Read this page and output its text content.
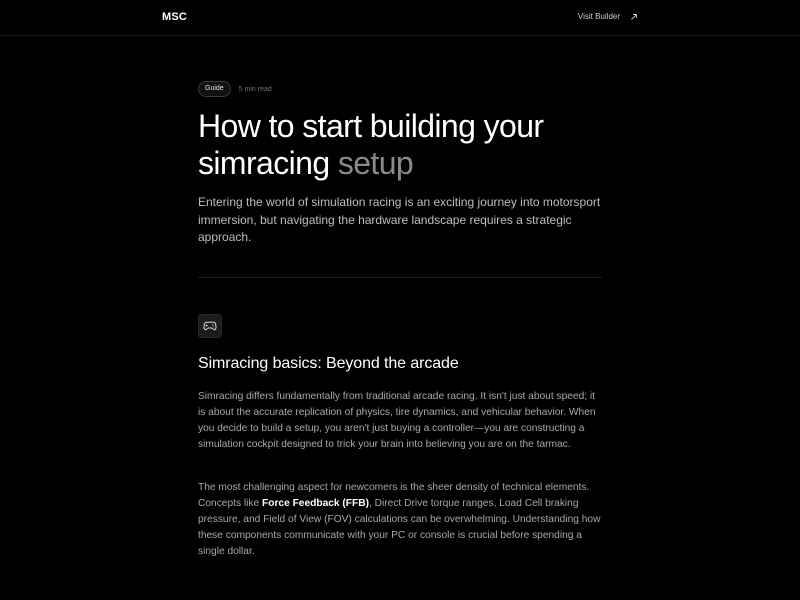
MSC	Visit Builder
Guide	5 min read
How to start building your
simracing setup

Entering the world of simulation racing is an exciting journey into motorsport immersion, but navigating the hardware landscape requires a strategic approach.

Simracing basics: Beyond the arcade

Simracing differs fundamentally from traditional arcade racing. It isn't just about speed; it is about the accurate replication of physics, tire dynamics, and vehicular behavior. When you decide to build a setup, you aren't just buying a controller—you are constructing a simulation cockpit designed to trick your brain into believing you are on the tarmac.

The most challenging aspect for newcomers is the sheer density of technical elements. Concepts like Force Feedback (FFB), Direct Drive torque ranges, Load Cell braking pressure, and Field of View (FOV) calculations can be overwhelming. Understanding how these components communicate with your PC or console is crucial before spending a single dollar.
